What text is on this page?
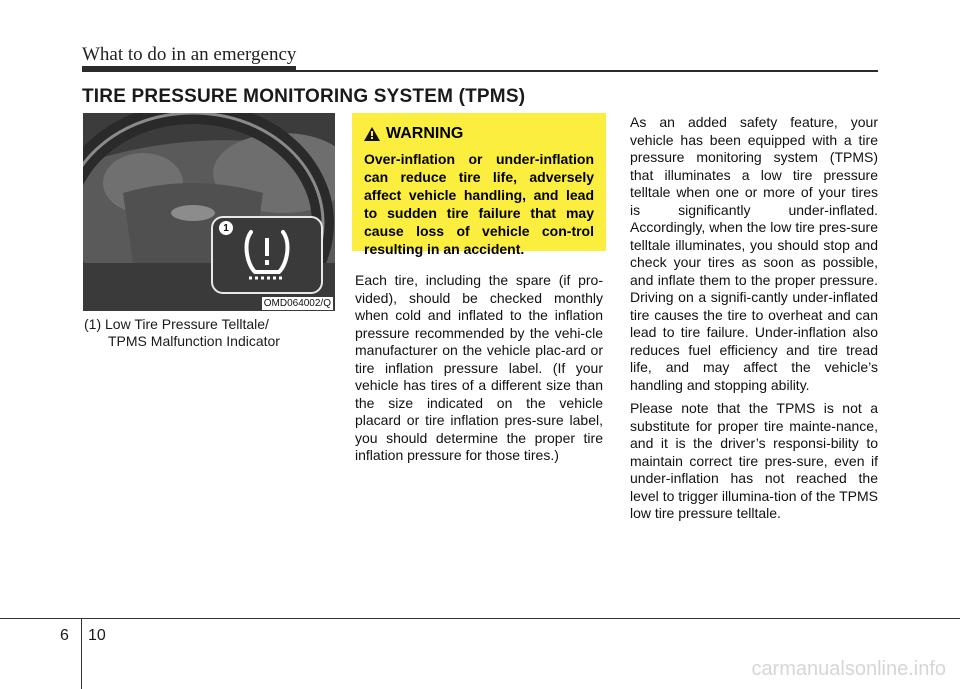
What to do in an emergency
TIRE PRESSURE MONITORING SYSTEM (TPMS)
OMD064002/Q
1
(1) Low Tire Pressure Telltale/
TPMS Malfunction Indicator
WARNING
Over-inflation or under-inflation can reduce tire life, adversely affect vehicle handling, and lead to sudden tire failure that may cause loss of vehicle con-trol resulting in an accident.

Each tire, including the spare (if pro-vided), should be checked monthly when cold and inflated to the inflation pressure recommended by the vehi-cle manufacturer on the vehicle plac-ard or tire inflation pressure label. (If your vehicle has tires of a different size than the size indicated on the vehicle placard or tire inflation pres-sure label, you should determine the proper tire inflation pressure for those tires.)

As an added safety feature, your vehicle has been equipped with a tire pressure monitoring system (TPMS) that illuminates a low tire pressure telltale when one or more of your tires is significantly under-inflated. Accordingly, when the low tire pres-sure telltale illuminates, you should stop and check your tires as soon as possible, and inflate them to the proper pressure. Driving on a signifi-cantly under-inflated tire causes the tire to overheat and can lead to tire failure. Under-inflation also reduces fuel efficiency and tire tread life, and may affect the vehicle’s handling and stopping ability.

Please note that the TPMS is not a substitute for proper tire mainte-nance, and it is the driver’s responsi-bility to maintain correct tire pres-sure, even if under-inflation has not reached the level to trigger illumina-tion of the TPMS low tire pressure telltale.

6 10
carmanualsonline.info
